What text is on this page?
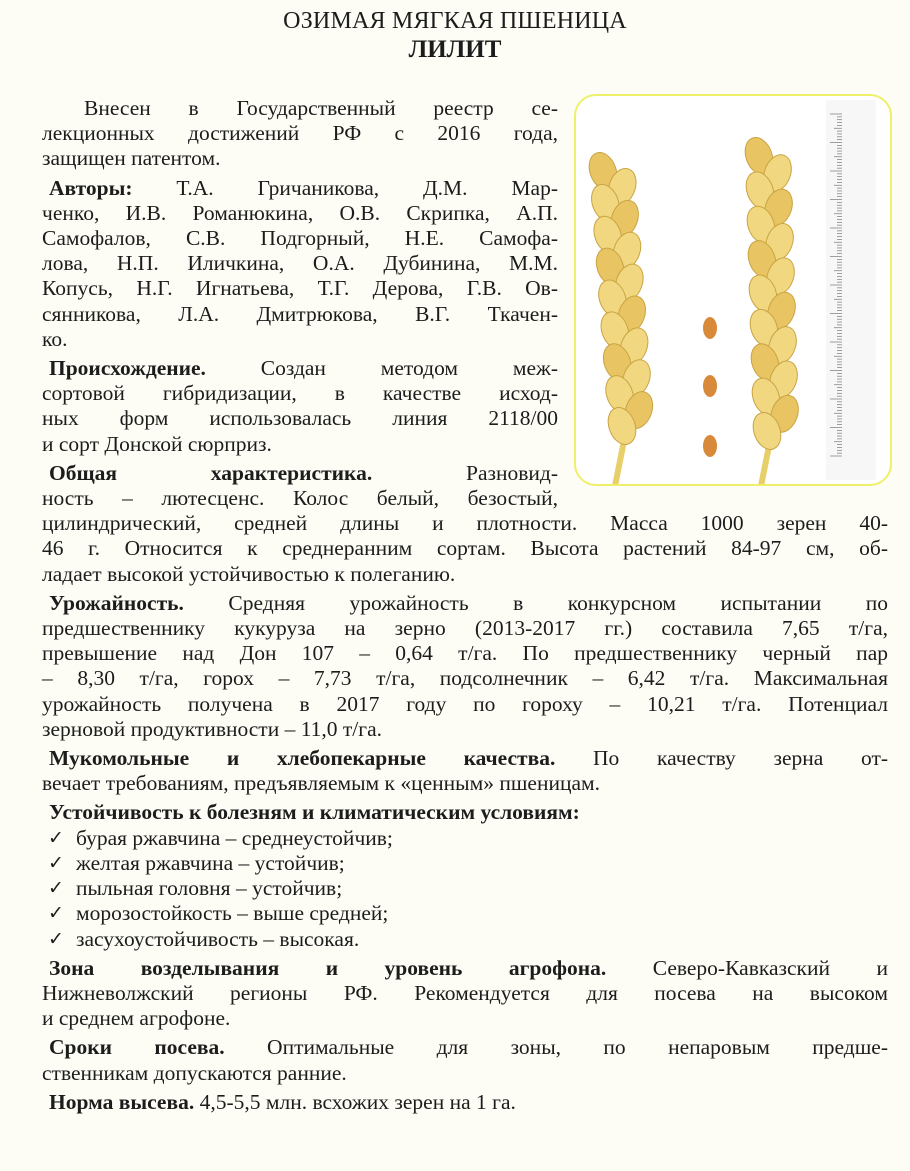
ОЗИМАЯ МЯГКАЯ ПШЕНИЦА
ЛИЛИТ
Внесен в Государственный реестр се-
лекционных достижений РФ с 2016 года,
защищен патентом.
Авторы: Т.А. Гричаникова, Д.М. Мар-
ченко, И.В. Романюкина, О.В. Скрипка, А.П.
Самофалов, С.В. Подгорный, Н.Е. Самофа-
лова, Н.П. Иличкина, О.А. Дубинина, М.М.
Копусь, Н.Г. Игнатьева, Т.Г. Дерова, Г.В. Ов-
сянникова, Л.А. Дмитрюкова, В.Г. Ткачен-
ко.
Происхождение.	Создан методом меж-
сортовой гибридизации, в качестве исход-
ных форм использовалась линия 2118/00
и сорт Донской сюрприз.
Общая характеристика.	Разновид-
ность – лютесценс. Колос белый, безостый,
цилиндрический, средней длины и плотности. Масса 1000 зерен 40-
46 г. Относится к среднеранним сортам. Высота растений 84-97 см, об-
ладает высокой устойчивостью к полеганию.
Урожайность. Средняя урожайность в конкурсном испытании по
предшественнику кукуруза на зерно (2013-2017 гг.) составила 7,65 т/га,
превышение над Дон 107 – 0,64 т/га. По предшественнику черный пар
– 8,30 т/га, горох – 7,73 т/га, подсолнечник – 6,42 т/га. Максимальная
урожайность получена в 2017 году по гороху – 10,21 т/га. Потенциал
зерновой продуктивности – 11,0 т/га.
Мукомольные и хлебопекарные качества. По качеству зерна от-
вечает требованиям, предъявляемым к «ценным» пшеницам.
Устойчивость к болезням и климатическим условиям:
✓ бурая ржавчина – среднеустойчив;
✓ желтая ржавчина – устойчив;
✓ пыльная головня – устойчив;
✓ морозостойкость – выше средней;
✓ засухоустойчивость – высокая.
Зона возделывания и уровень агрофона. Северо-Кавказский и
Нижневолжский регионы РФ. Рекомендуется для посева на высоком
и среднем агрофоне.
Сроки посева. Оптимальные для зоны, по непаровым предше-
ственникам допускаются ранние.
Норма высева. 4,5-5,5 млн. всхожих зерен на 1 га.
